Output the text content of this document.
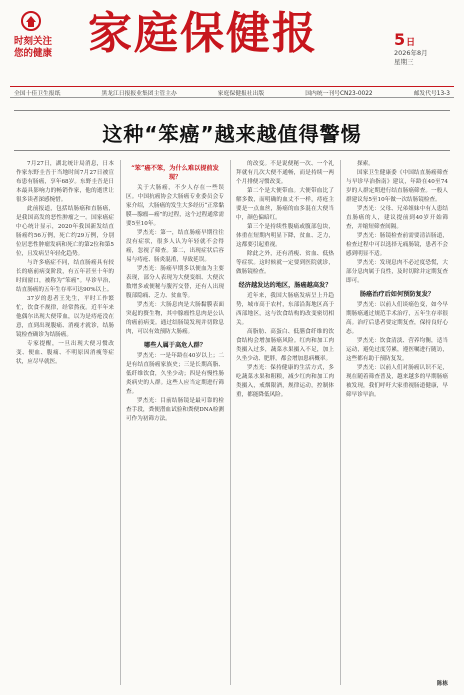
时刻关注
您的健康 家庭保健报	5日
2026年8月
星期三
全国十佳卫生报纸	黑龙江日报报业集团主管主办	家庭保健报社出版	国内统一刊号CN23-0022	邮发代号13-3
这种“笨癌”越来越值得警惕

7月27日，湖北统计局消息，日本作家东野圭吾于当地时间7月27日被宣布患有肠癌，享年68岁。东野圭吾是日本最具影响力的畅销作家，他的逝世让很多读者深感惋惜。

此前报道，包括结肠癌和直肠癌，是我国高发的恶性肿瘤之一。国家癌症中心统计显示，2020年我国新发结直肠癌约56万例，死亡约29万例，分别位居恶性肿瘤发病和死亡的第2位和第5位，且发病呈年轻化趋势。

与许多癌症不同，结直肠癌具有较长的癌前病变阶段，有五年甚至十年的时间窗口，被称为“笨癌”。早诊早治，结直肠癌的五年生存率可达90%以上。

37岁的患者王先生，平时工作繁忙，饮食不规律，经常熬夜。近半年来他偶尔出现大便带血，以为是痔疮没在意，直到出现腹痛、消瘦才就诊，结肠镜检查确诊为结肠癌。

专家提醒，一旦出现大便习惯改变、便血、腹痛、不明原因消瘦等症状，应尽早就医。

“笨”癌不笨，为什么难以提前发现？

关于大肠癌，不少人存在一些误区。中国抗癌协会大肠癌专业委员会专家介绍，大肠癌的发生大多经历“正常黏膜—腺瘤—癌”的过程，这个过程通常需要5至10年。

罗杰光：第一，结直肠癌早期往往没有症状，很多人认为年轻就不会得癌，忽视了筛查。第二，出现症状后容易与痔疮、肠炎混淆，导致延误。

罗杰光：肠癌早期多以便血为主要表现，部分人表现为大便变细、大便次数增多或便秘与腹泻交替，还有人出现腹部隐痛、乏力、贫血等。

罗杰光：大肠息肉是大肠黏膜表面突起的赘生物，其中腺瘤性息肉是公认的癌前病变。通过结肠镜发现并切除息肉，可以有效预防大肠癌。

哪些人属于高危人群？

罗杰光：一是年龄在40岁以上；二是有结直肠癌家族史；三是长期高脂、低纤维饮食，久坐少动；四是有慢性肠炎病史的人群。这些人应当定期进行筛查。

罗杰光：目前结肠镜是最可靠的检查手段，粪便潜血试验和粪便DNA检测可作为初筛方法。

的改变。不是说便秘一次、一个礼拜就有几次大便不通畅，而是持续一两个月排便习惯改变。

第二个是大便带血。大便带血比了解多数，而明确的血丈不一样，痔疮主要是一点血丝，肠癌的血多混在大便当中，颜色偏暗红。

第三个是持续性腹痛或腹部包块，体重在短期内明显下降，贫血、乏力，这都要引起重视。

除此之外，还有消瘦、贫血、低热等症状。这时候就一定要到医院就诊，做肠镜检查。

经济越发达的地区，肠癌越高发？

近年来，我国大肠癌发病呈上升趋势，城市高于农村，东部沿海地区高于西部地区，这与饮食结构的改变密切相关。

高脂肪、高蛋白、低膳食纤维的饮食结构会增加肠癌风险。红肉和加工肉类摄入过多，蔬菜水果摄入不足，加上久坐少动、肥胖，都会增加患病概率。

罗杰光：保持健康的生活方式，多吃蔬菜水果和粗粮，减少红肉和加工肉类摄入，戒烟限酒，规律运动，控制体重，都能降低风险。

探索。

国家卫生健康委《中国结直肠癌筛查与早诊早治指南》建议，年龄在40至74岁的人群定期进行结直肠癌筛查。一般人群建议每5至10年做一次结肠镜检查。

罗杰光：父母、兄弟姐妹中有人患结直肠癌的人，建议提前到40岁开始筛查，并缩短筛查间隔。

罗杰光：肠镜检查前需要清洁肠道，检查过程中可以选择无痛肠镜，患者不会感到明显不适。

罗杰光：发现息肉不必过度恐慌，大部分息肉属于良性，及时切除并定期复查即可。

肠癌治疗后如何预防复发？

罗杰光：以前人们谈癌色变，如今早期肠癌通过规范手术治疗，五年生存率很高。治疗后患者要定期复查，保持良好心态。

罗杰光：饮食清淡、营养均衡，适当运动，避免过度劳累，遵医嘱进行随访，这些都有助于预防复发。

罗杰光：以前人们对肠癌认识不足，现在随着筛查普及，越来越多的早期肠癌被发现，我们呼吁大家重视肠道健康，早筛早诊早治。

陈栋
